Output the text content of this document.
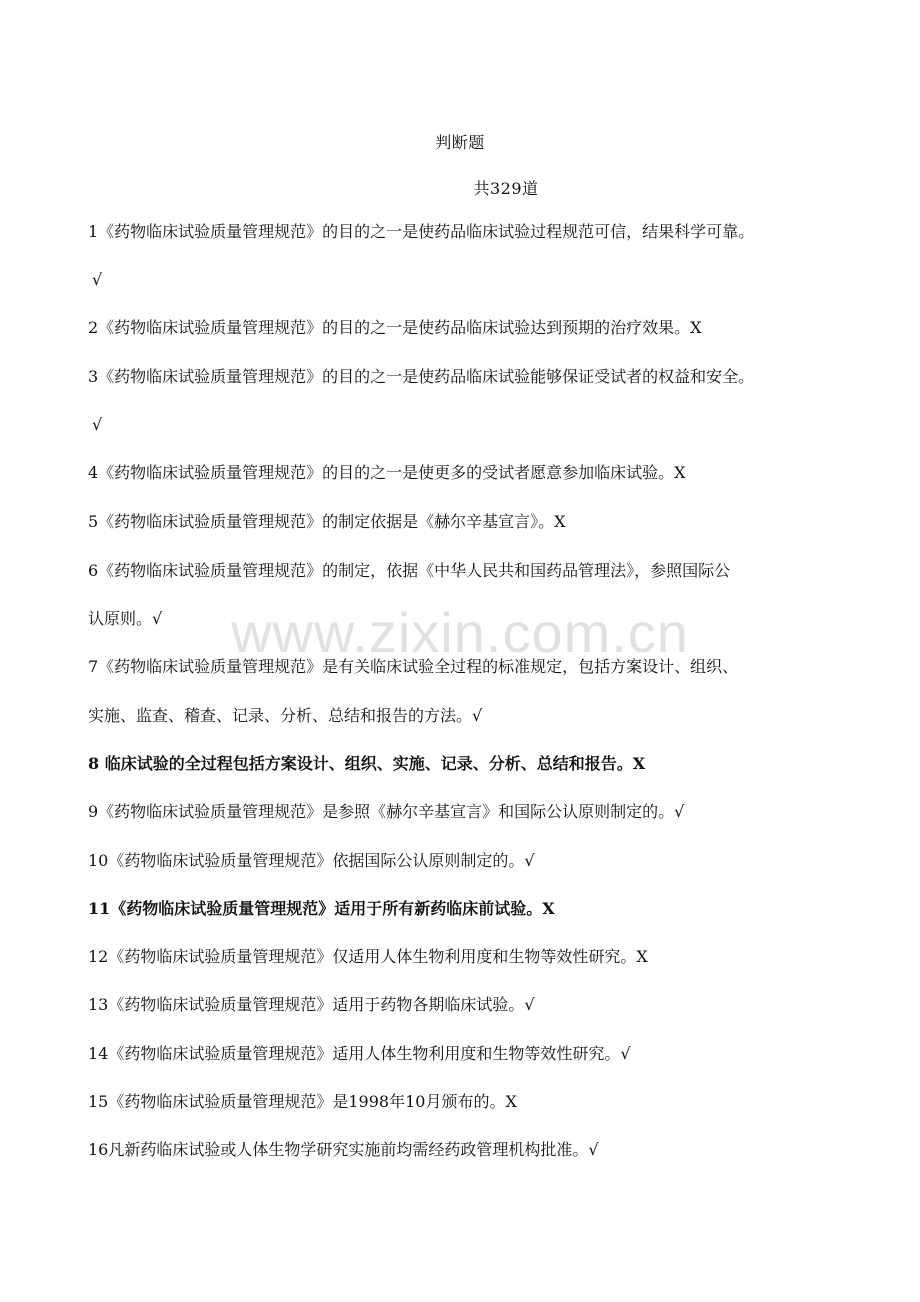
判断题
共329道
1《药物临床试验质量管理规范》的目的之一是使药品临床试验过程规范可信，结果科学可靠。
√
2《药物临床试验质量管理规范》的目的之一是使药品临床试验达到预期的治疗效果。X
3《药物临床试验质量管理规范》的目的之一是使药品临床试验能够保证受试者的权益和安全。
√
4《药物临床试验质量管理规范》的目的之一是使更多的受试者愿意参加临床试验。X
5《药物临床试验质量管理规范》的制定依据是《赫尔辛基宣言》。X
6《药物临床试验质量管理规范》的制定，依据《中华人民共和国药品管理法》，参照国际公
认原则。√
7《药物临床试验质量管理规范》是有关临床试验全过程的标准规定，包括方案设计、组织、
实施、监查、稽查、记录、分析、总结和报告的方法。√
8 临床试验的全过程包括方案设计、组织、实施、记录、分析、总结和报告。X
9《药物临床试验质量管理规范》是参照《赫尔辛基宣言》和国际公认原则制定的。√
10《药物临床试验质量管理规范》依据国际公认原则制定的。√
11《药物临床试验质量管理规范》适用于所有新药临床前试验。X
12《药物临床试验质量管理规范》仅适用人体生物利用度和生物等效性研究。X
13《药物临床试验质量管理规范》适用于药物各期临床试验。√
14《药物临床试验质量管理规范》适用人体生物利用度和生物等效性研究。√
15《药物临床试验质量管理规范》是1998年10月颁布的。X
16凡新药临床试验或人体生物学研究实施前均需经药政管理机构批准。√
www.zixin.com.cn
